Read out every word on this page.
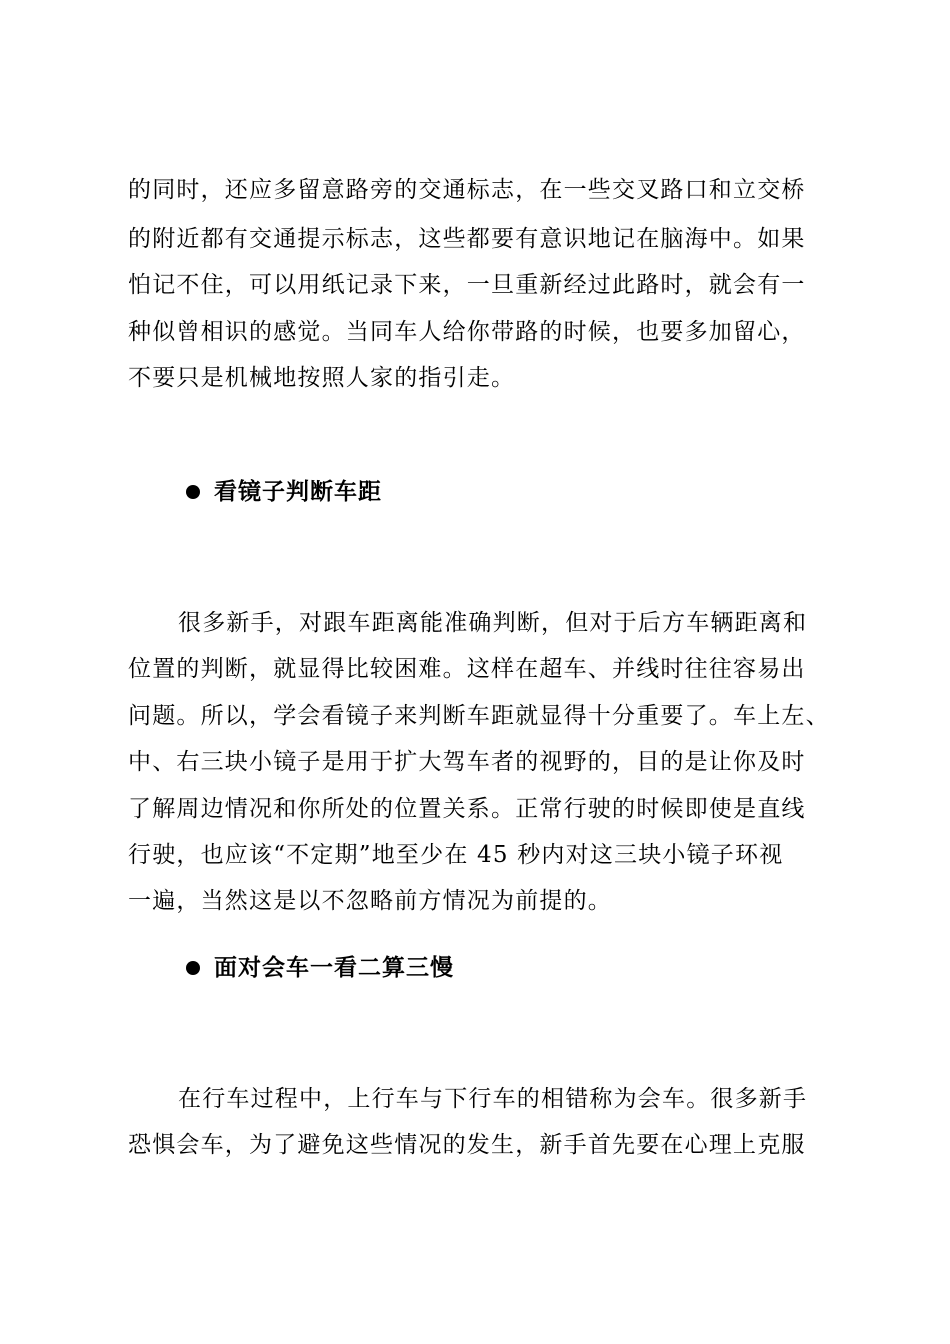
的同时，还应多留意路旁的交通标志，在一些交叉路口和立交桥
的附近都有交通提示标志，这些都要有意识地记在脑海中。如果
怕记不住，可以用纸记录下来，一旦重新经过此路时，就会有一
种似曾相识的感觉。当同车人给你带路的时候，也要多加留心，
不要只是机械地按照人家的指引走。
看镜子判断车距
很多新手，对跟车距离能准确判断，但对于后方车辆距离和
位置的判断，就显得比较困难。这样在超车、并线时往往容易出
问题。所以，学会看镜子来判断车距就显得十分重要了。车上左、
中、右三块小镜子是用于扩大驾车者的视野的，目的是让你及时
了解周边情况和你所处的位置关系。正常行驶的时候即使是直线
行驶，也应该“不定期”地至少在 45 秒内对这三块小镜子环视
一遍，当然这是以不忽略前方情况为前提的。
面对会车一看二算三慢
在行车过程中，上行车与下行车的相错称为会车。很多新手
恐惧会车，为了避免这些情况的发生，新手首先要在心理上克服
